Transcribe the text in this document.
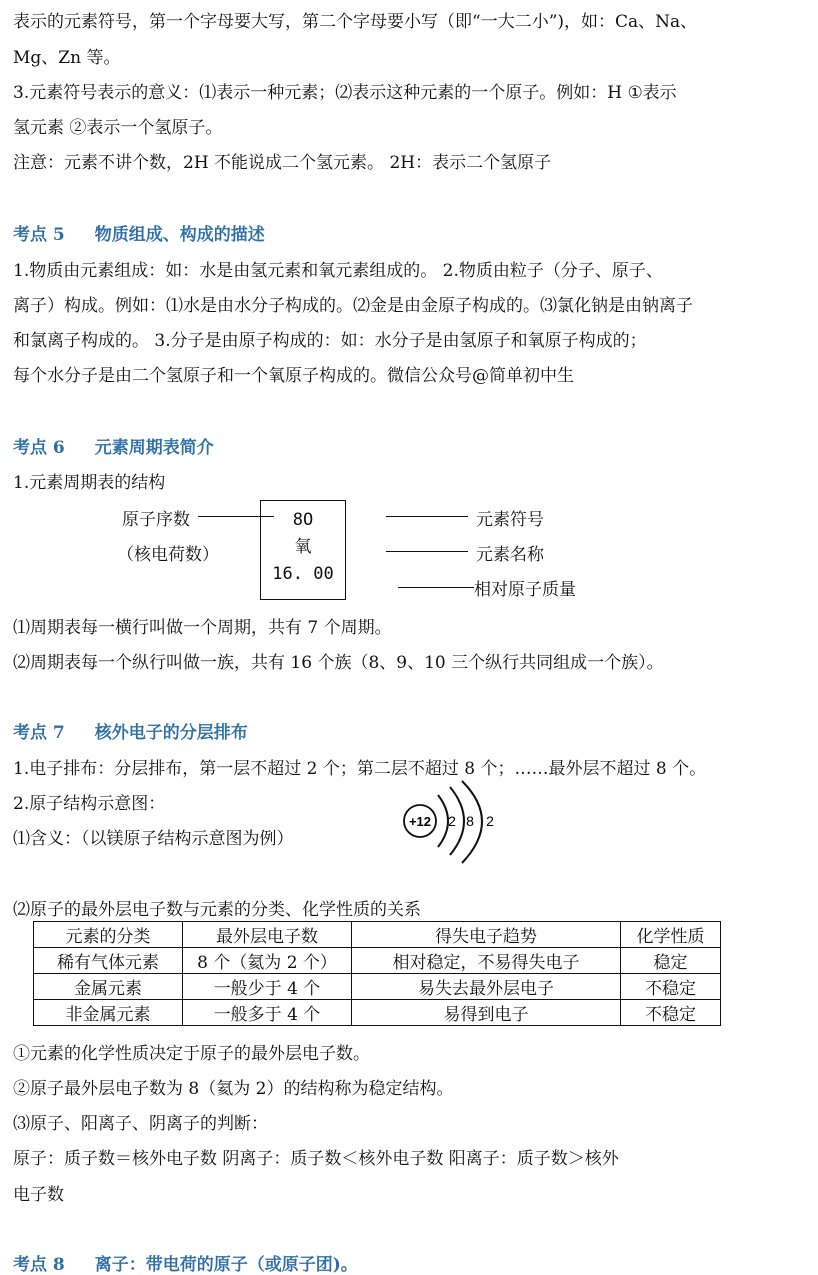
表示的元素符号，第一个字母要大写，第二个字母要小写（即“一大二小”)，如：Ca、Na、
Mg、Zn 等。
3.元素符号表示的意义：⑴表示一种元素；⑵表示这种元素的一个原子。例如：H ①表示
氢元素 ②表示一个氢原子。
注意：元素不讲个数，2H 不能说成二个氢元素。 2H：表示二个氢原子
考点 5 物质组成、构成的描述
1.物质由元素组成：如：水是由氢元素和氧元素组成的。 2.物质由粒子（分子、原子、
离子）构成。例如：⑴水是由水分子构成的。⑵金是由金原子构成的。⑶氯化钠是由钠离子
和氯离子构成的。 3.分子是由原子构成的：如：水分子是由氢原子和氧原子构成的；
每个水分子是由二个氢原子和一个氧原子构成的。微信公众号@简单初中生
考点 6 元素周期表简介
1.元素周期表的结构
原子序数
（核电荷数）
8O
氧
16. 00
元素符号
元素名称
相对原子质量
⑴周期表每一横行叫做一个周期，共有 7 个周期。
⑵周期表每一个纵行叫做一族，共有 16 个族（8、9、10 三个纵行共同组成一个族）。
考点 7 核外电子的分层排布
1.电子排布：分层排布，第一层不超过 2 个；第二层不超过 8 个；……最外层不超过 8 个。
2.原子结构示意图：
⑴含义：（以镁原子结构示意图为例）
+12 2 8 2
⑵原子的最外层电子数与元素的分类、化学性质的关系
元素的分类	最外层电子数	得失电子趋势	化学性质
稀有气体元素	8 个（氦为 2 个）	相对稳定，不易得失电子	稳定
金属元素	一般少于 4 个	易失去最外层电子	不稳定
非金属元素	一般多于 4 个	易得到电子	不稳定
①元素的化学性质决定于原子的最外层电子数。
②原子最外层电子数为 8（氦为 2）的结构称为稳定结构。
⑶原子、阳离子、阴离子的判断：
原子：质子数＝核外电子数 阴离子：质子数＜核外电子数 阳离子：质子数＞核外
电子数
考点 8 离子：带电荷的原子（或原子团)。
